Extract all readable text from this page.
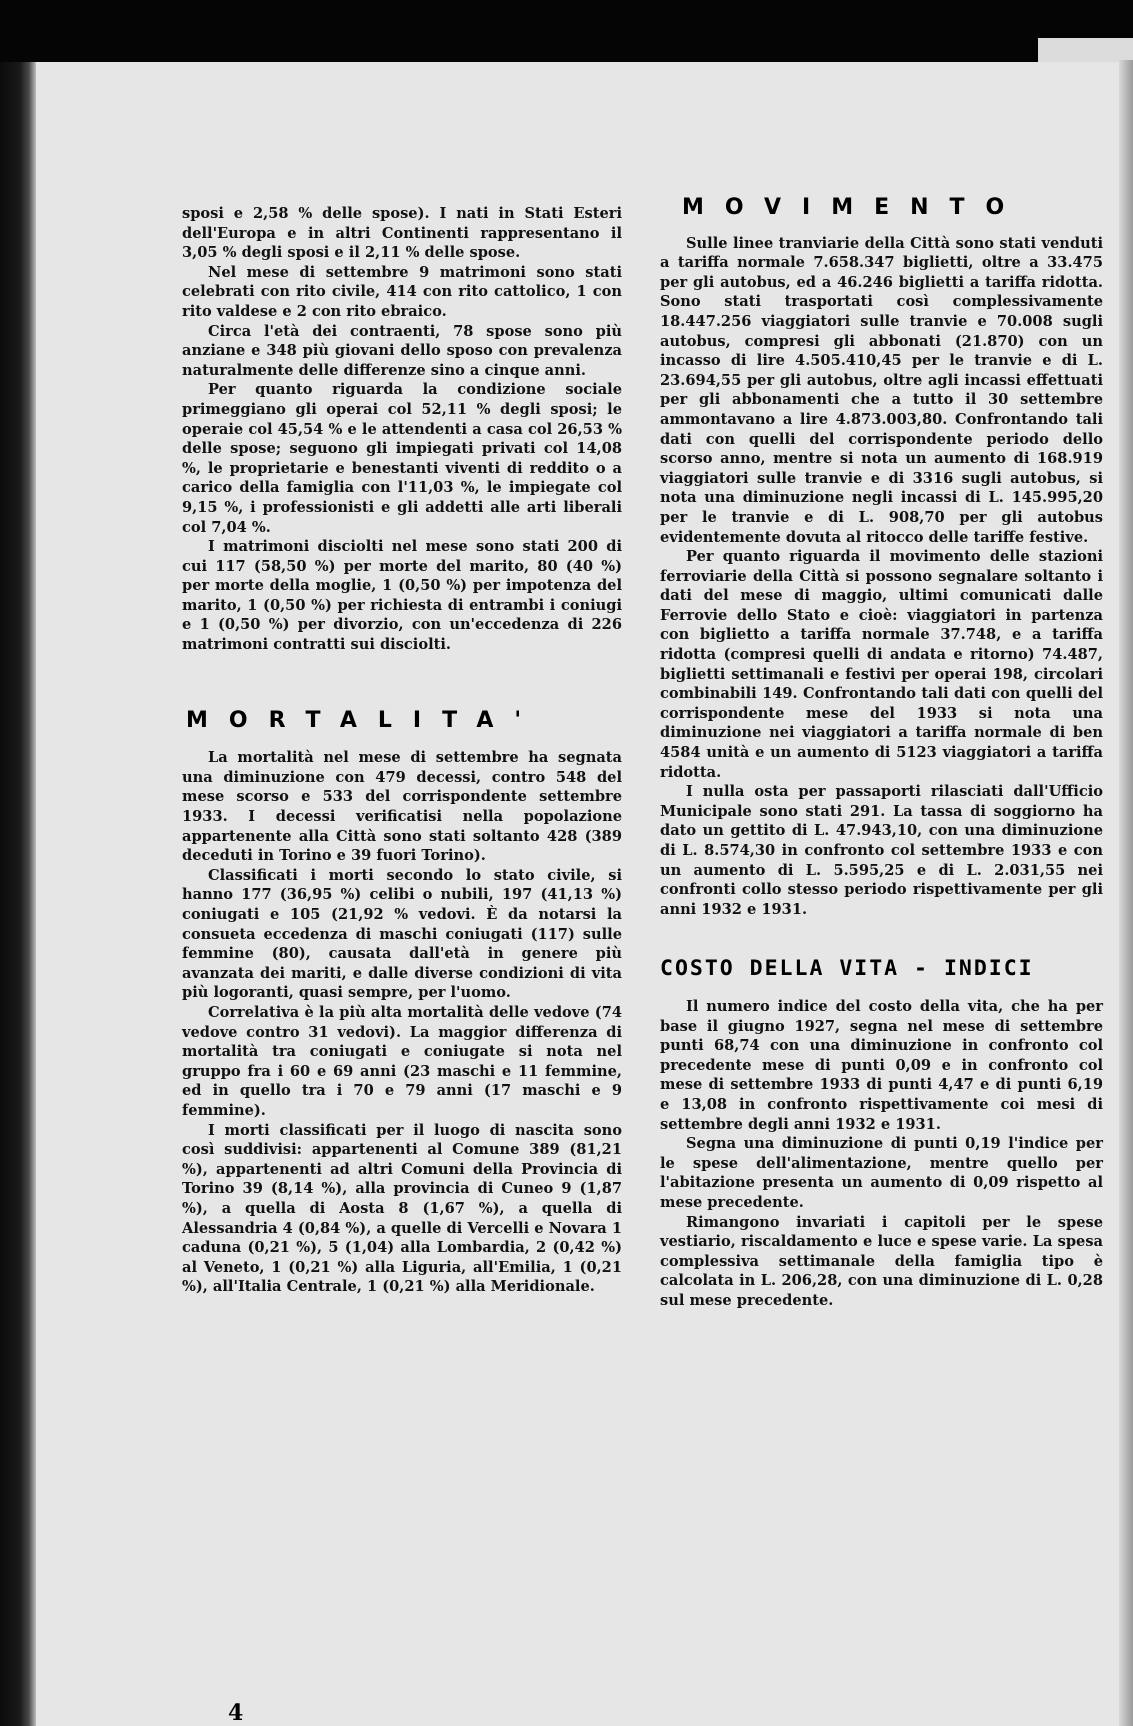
sposi e 2,58 % delle spose). I nati in Stati Esteri dell'Europa e in altri Continenti rappresentano il 3,05 % degli sposi e il 2,11 % delle spose.

Nel mese di settembre 9 matrimoni sono stati celebrati con rito civile, 414 con rito cattolico, 1 con rito valdese e 2 con rito ebraico.

Circa l'età dei contraenti, 78 spose sono più anziane e 348 più giovani dello sposo con prevalenza naturalmente delle differenze sino a cinque anni.

Per quanto riguarda la condizione sociale primeggiano gli operai col 52,11 % degli sposi; le operaie col 45,54 % e le attendenti a casa col 26,53 % delle spose; seguono gli impiegati privati col 14,08 %, le proprietarie e benestanti viventi di reddito o a carico della famiglia con l'11,03 %, le impiegate col 9,15 %, i professionisti e gli addetti alle arti liberali col 7,04 %.

I matrimoni disciolti nel mese sono stati 200 di cui 117 (58,50 %) per morte del marito, 80 (40 %) per morte della moglie, 1 (0,50 %) per impotenza del marito, 1 (0,50 %) per richiesta di entrambi i coniugi e 1 (0,50 %) per divorzio, con un'eccedenza di 226 matrimoni contratti sui disciolti.

MORTALITA'

La mortalità nel mese di settembre ha segnata una diminuzione con 479 decessi, contro 548 del mese scorso e 533 del corrispondente settembre 1933. I decessi verificatisi nella popolazione appartenente alla Città sono stati soltanto 428 (389 deceduti in Torino e 39 fuori Torino).

Classificati i morti secondo lo stato civile, si hanno 177 (36,95 %) celibi o nubili, 197 (41,13 %) coniugati e 105 (21,92 % vedovi. È da notarsi la consueta eccedenza di maschi coniugati (117) sulle femmine (80), causata dall'età in genere più avanzata dei mariti, e dalle diverse condizioni di vita più logoranti, quasi sempre, per l'uomo.

Correlativa è la più alta mortalità delle vedove (74 vedove contro 31 vedovi). La maggior differenza di mortalità tra coniugati e coniugate si nota nel gruppo fra i 60 e 69 anni (23 maschi e 11 femmine, ed in quello tra i 70 e 79 anni (17 maschi e 9 femmine).

I morti classificati per il luogo di nascita sono così suddivisi: appartenenti al Comune 389 (81,21 %), appartenenti ad altri Comuni della Provincia di Torino 39 (8,14 %), alla provincia di Cuneo 9 (1,87 %), a quella di Aosta 8 (1,67 %), a quella di Alessandria 4 (0,84 %), a quelle di Vercelli e Novara 1 caduna (0,21 %), 5 (1,04) alla Lombardia, 2 (0,42 %) al Veneto, 1 (0,21 %) alla Liguria, all'Emilia, 1 (0,21 %), all'Italia Centrale, 1 (0,21 %) alla Meridionale.

MOVIMENTO

Sulle linee tranviarie della Città sono stati venduti a tariffa normale 7.658.347 biglietti, oltre a 33.475 per gli autobus, ed a 46.246 biglietti a tariffa ridotta. Sono stati trasportati così complessivamente 18.447.256 viaggiatori sulle tranvie e 70.008 sugli autobus, compresi gli abbonati (21.870) con un incasso di lire 4.505.410,45 per le tranvie e di L. 23.694,55 per gli autobus, oltre agli incassi effettuati per gli abbonamenti che a tutto il 30 settembre ammontavano a lire 4.873.003,80. Confrontando tali dati con quelli del corrispondente periodo dello scorso anno, mentre si nota un aumento di 168.919 viaggiatori sulle tranvie e di 3316 sugli autobus, si nota una diminuzione negli incassi di L. 145.995,20 per le tranvie e di L. 908,70 per gli autobus evidentemente dovuta al ritocco delle tariffe festive.

Per quanto riguarda il movimento delle stazioni ferroviarie della Città si possono segnalare soltanto i dati del mese di maggio, ultimi comunicati dalle Ferrovie dello Stato e cioè: viaggiatori in partenza con biglietto a tariffa normale 37.748, e a tariffa ridotta (compresi quelli di andata e ritorno) 74.487, biglietti settimanali e festivi per operai 198, circolari combinabili 149. Confrontando tali dati con quelli del corrispondente mese del 1933 si nota una diminuzione nei viaggiatori a tariffa normale di ben 4584 unità e un aumento di 5123 viaggiatori a tariffa ridotta.

I nulla osta per passaporti rilasciati dall'Ufficio Municipale sono stati 291. La tassa di soggiorno ha dato un gettito di L. 47.943,10, con una diminuzione di L. 8.574,30 in confronto col settembre 1933 e con un aumento di L. 5.595,25 e di L. 2.031,55 nei confronti collo stesso periodo rispettivamente per gli anni 1932 e 1931.

COSTO DELLA VITA - INDICI

Il numero indice del costo della vita, che ha per base il giugno 1927, segna nel mese di settembre punti 68,74 con una diminuzione in confronto col precedente mese di punti 0,09 e in confronto col mese di settembre 1933 di punti 4,47 e di punti 6,19 e 13,08 in confronto rispettivamente coi mesi di settembre degli anni 1932 e 1931.

Segna una diminuzione di punti 0,19 l'indice per le spese dell'alimentazione, mentre quello per l'abitazione presenta un aumento di 0,09 rispetto al mese precedente.

Rimangono invariati i capitoli per le spese vestiario, riscaldamento e luce e spese varie. La spesa complessiva settimanale della famiglia tipo è calcolata in L. 206,28, con una diminuzione di L. 0,28 sul mese precedente.

4
